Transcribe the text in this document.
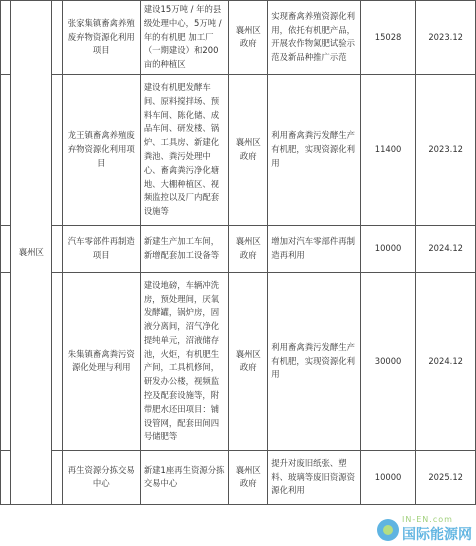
	襄州区		张家集镇畜禽养殖废弃物资源化利用项目	建设15万吨 / 年的县级处理中心，5万吨 / 年的有机肥 加工厂 （一期建设）和200亩的种植区	襄州区政府	实现畜禽养殖资源化利用，依托有机肥产品，开展农作物氮肥试验示范及新品种推广示范	15028	2023.12
			龙王镇畜禽养殖废弃物资源化利用项目	建设有机肥发酵车间、原料搅拌场、预料车间、陈化储、成品车间、研发楼、锅炉、工具房、新建化粪池、粪污处理中心、畜禽粪污净化塘地、大棚种植区、视频监控以及厂内配套设施等	襄州区政府	利用畜禽粪污发酵生产有机肥，实现资源化利用	11400	2023.12
			汽车零部件再制造项目	新建生产加工车间，新增配套加工设备等	襄州区政府	增加对汽车零部件再制造再利用	10000	2024.12
			朱集镇畜禽粪污资源化处理与利用	建设地磅，车辆冲洗房，预处理间，厌氧发酵罐，锅炉房，固液分离间，沼气净化提纯单元，沼液储存池，火炬，有机肥生产间，工具机修间，研发办公楼，视频监控及配套设施等，附带肥水还田项目：铺设管网，配套田间四号储肥等	襄州区政府	利用畜禽粪污发酵生产有机肥，实现资源化利用	30000	2024.12
			再生资源分拣交易中心	新建1座再生资源分拣交易中心	襄州区政府	提升对废旧纸张、塑料、玻璃等废旧资源资源化利用	10000	2025.12
IN-EN.com
国际能源网
